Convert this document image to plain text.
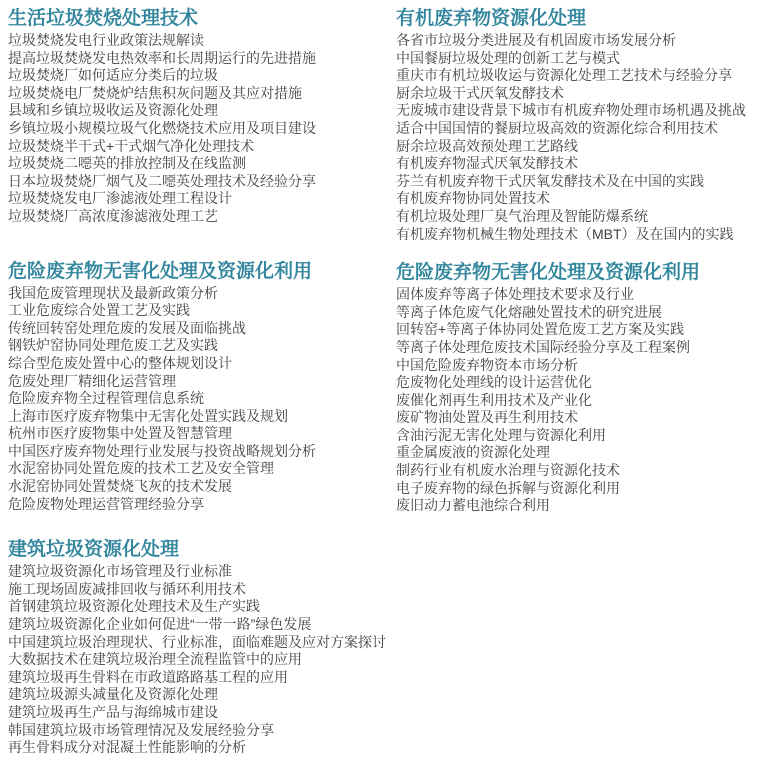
生活垃圾焚烧处理技术
垃圾焚烧发电行业政策法规解读
提高垃圾焚烧发电热效率和长周期运行的先进措施
垃圾焚烧厂如何适应分类后的垃圾
垃圾焚烧电厂焚烧炉结焦积灰问题及其应对措施
县域和乡镇垃圾收运及资源化处理
乡镇垃圾小规模垃圾气化燃烧技术应用及项目建设
垃圾焚烧半干式+干式烟气净化处理技术
垃圾焚烧二噁英的排放控制及在线监测
日本垃圾焚烧厂烟气及二噁英处理技术及经验分享
垃圾焚烧发电厂渗滤液处理工程设计
垃圾焚烧厂高浓度渗滤液处理工艺
危险废弃物无害化处理及资源化利用
我国危废管理现状及最新政策分析
工业危废综合处置工艺及实践
传统回转窑处理危废的发展及面临挑战
钢铁炉窑协同处理危废工艺及实践
综合型危废处置中心的整体规划设计
危废处理厂精细化运营管理
危险废弃物全过程管理信息系统
上海市医疗废弃物集中无害化处置实践及规划
杭州市医疗废物集中处置及智慧管理
中国医疗废弃物处理行业发展与投资战略规划分析
水泥窑协同处置危废的技术工艺及安全管理
水泥窑协同处置焚烧飞灰的技术发展
危险废物处理运营管理经验分享
建筑垃圾资源化处理
建筑垃圾资源化市场管理及行业标准
施工现场固废减排回收与循环利用技术
首钢建筑垃圾资源化处理技术及生产实践
建筑垃圾资源化企业如何促进“一带一路”绿色发展
中国建筑垃圾治理现状、行业标准，面临难题及应对方案探讨
大数据技术在建筑垃圾治理全流程监管中的应用
建筑垃圾再生骨料在市政道路路基工程的应用
建筑垃圾源头减量化及资源化处理
建筑垃圾再生产品与海绵城市建设
韩国建筑垃圾市场管理情况及发展经验分享
再生骨料成分对混凝土性能影响的分析
有机废弃物资源化处理
各省市垃圾分类进展及有机固废市场发展分析
中国餐厨垃圾处理的创新工艺与模式
重庆市有机垃圾收运与资源化处理工艺技术与经验分享
厨余垃圾干式厌氧发酵技术
无废城市建设背景下城市有机废弃物处理市场机遇及挑战
适合中国国情的餐厨垃圾高效的资源化综合利用技术
厨余垃圾高效预处理工艺路线
有机废弃物湿式厌氧发酵技术
芬兰有机废弃物干式厌氧发酵技术及在中国的实践
有机废弃物协同处置技术
有机垃圾处理厂臭气治理及智能防爆系统
有机废弃物机械生物处理技术（MBT）及在国内的实践
危险废弃物无害化处理及资源化利用
固体废弃等离子体处理技术要求及行业
等离子体危废气化熔融处置技术的研究进展
回转窑+等离子体协同处置危废工艺方案及实践
等离子体处理危废技术国际经验分享及工程案例
中国危险废弃物资本市场分析
危废物化处理线的设计运营优化
废催化剂再生利用技术及产业化
废矿物油处置及再生利用技术
含油污泥无害化处理与资源化利用
重金属废液的资源化处理
制药行业有机废水治理与资源化技术
电子废弃物的绿色拆解与资源化利用
废旧动力蓄电池综合利用
